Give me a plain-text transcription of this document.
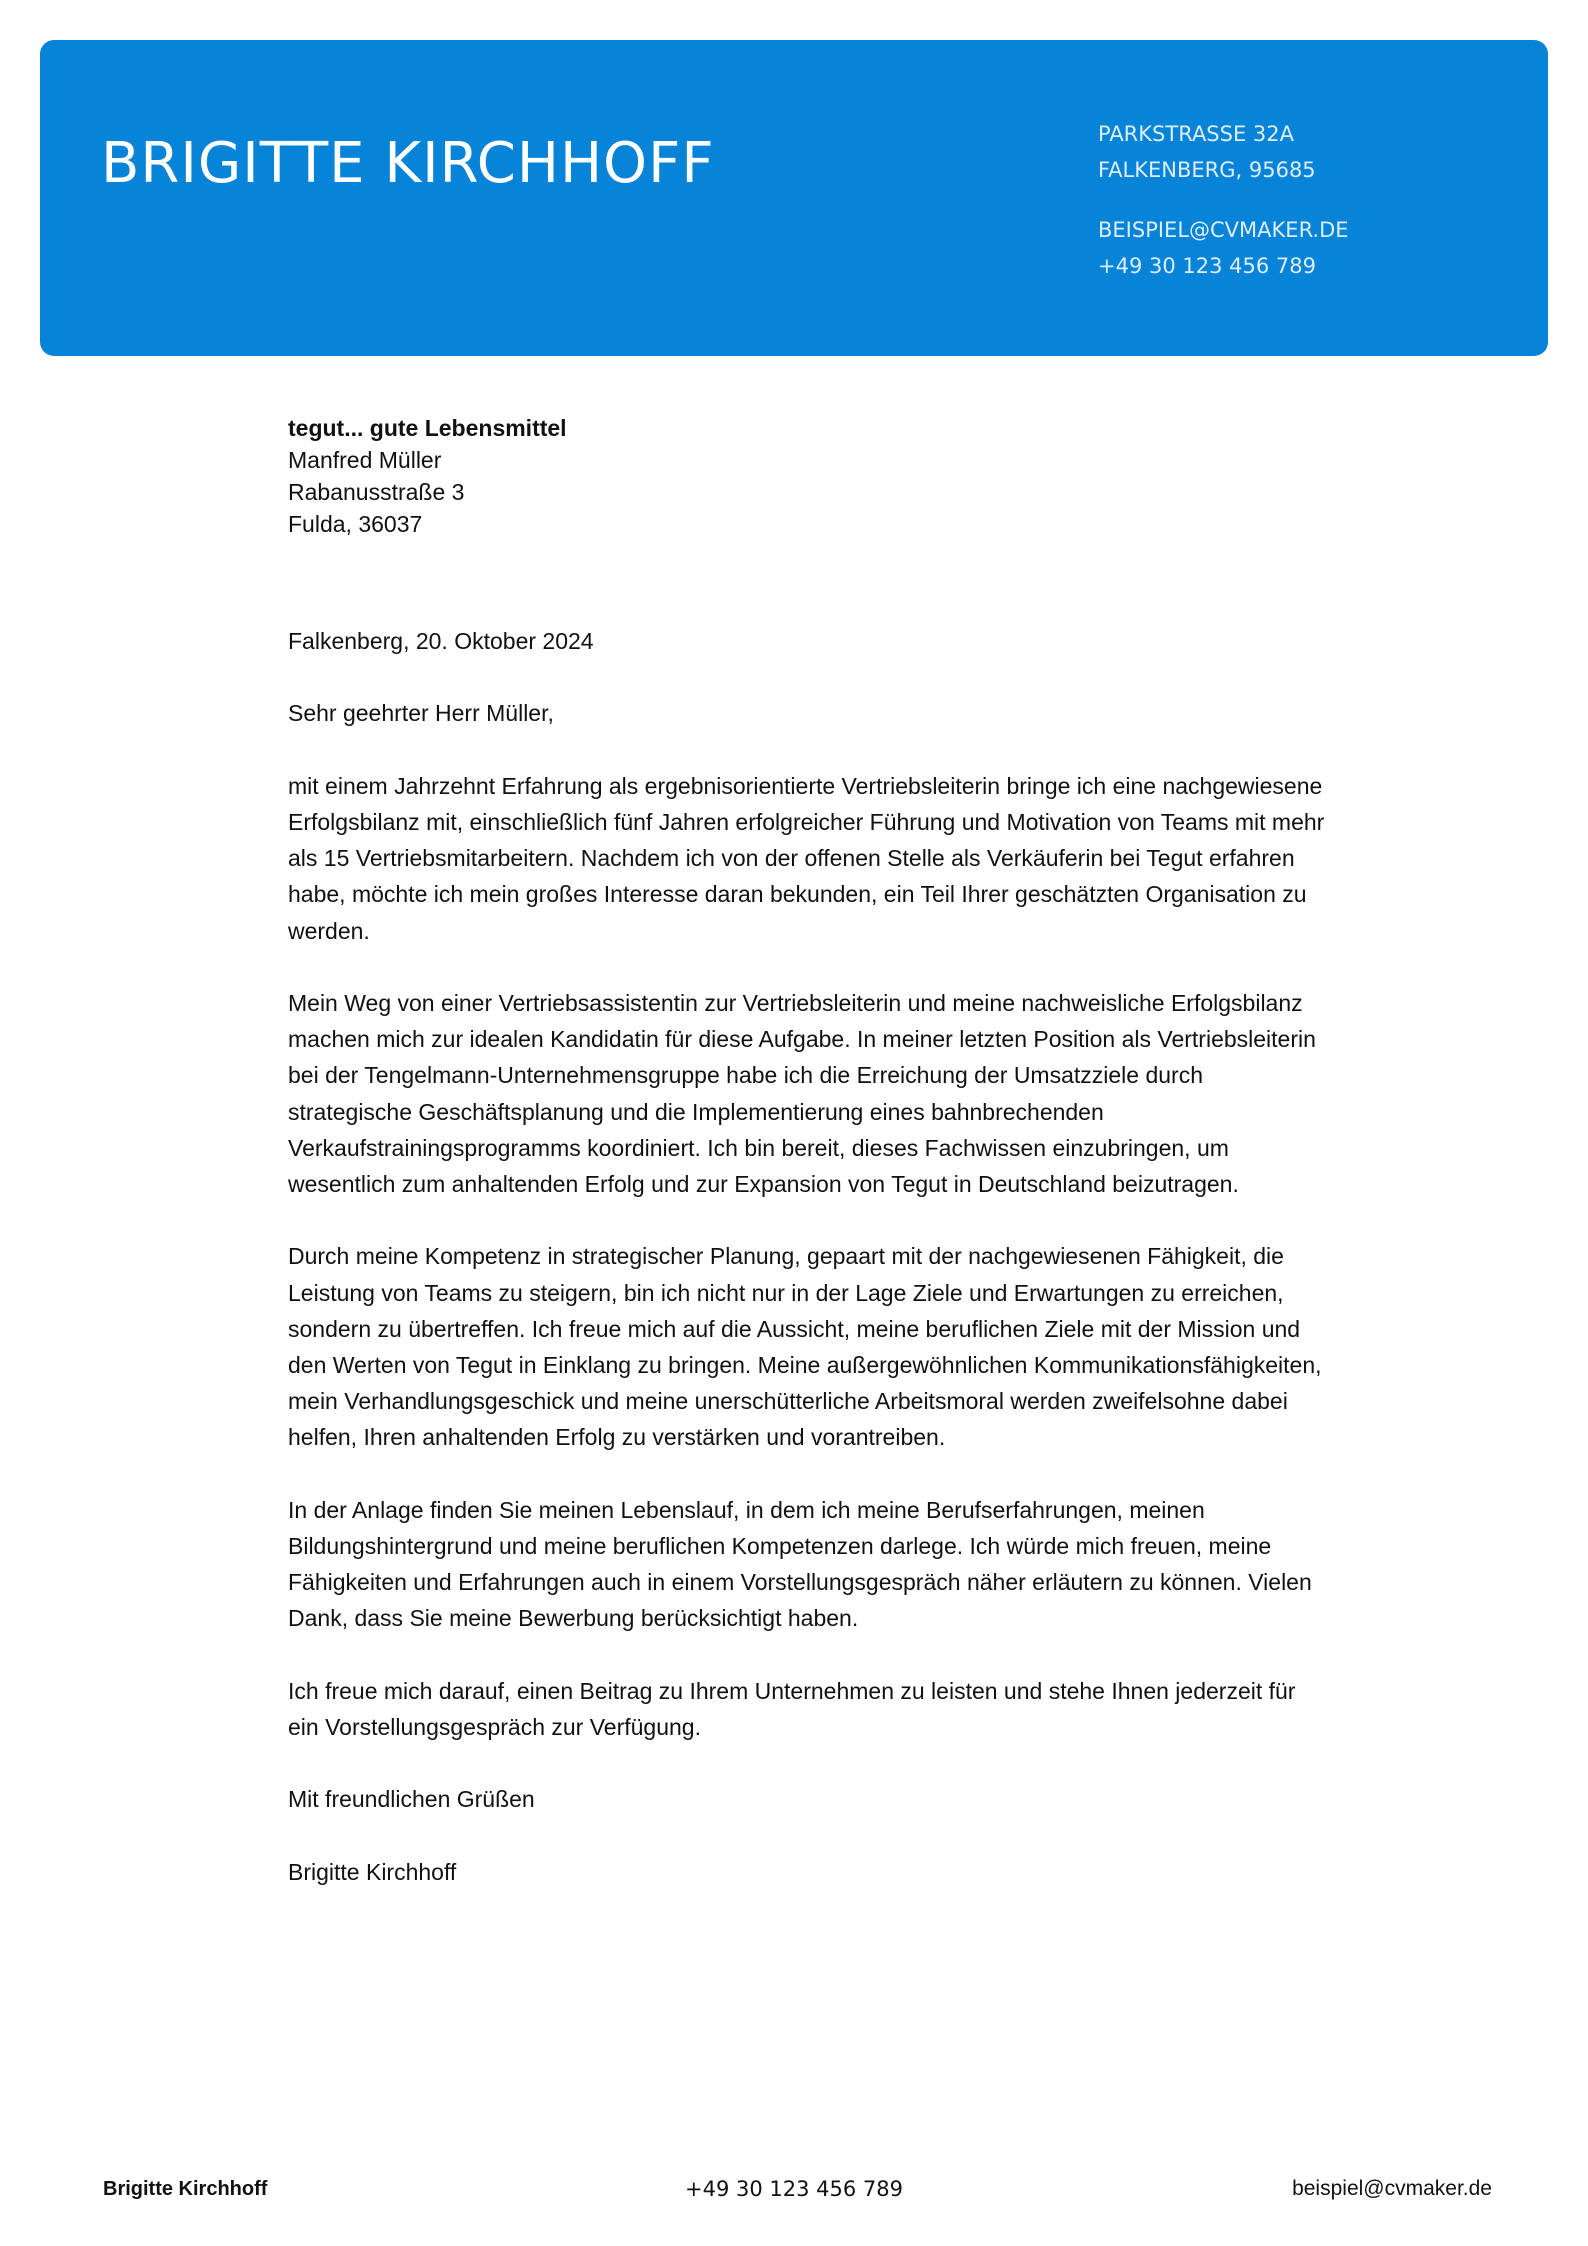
BRIGITTE KIRCHHOFF	PARKSTRASSE 32A
FALKENBERG, 95685
BEISPIEL@CVMAKER.DE
+49 30 123 456 789
tegut... gute Lebensmittel
Manfred Müller
Rabanusstraße 3
Fulda, 36037

Falkenberg, 20. Oktober 2024

Sehr geehrter Herr Müller,

mit einem Jahrzehnt Erfahrung als ergebnisorientierte Vertriebsleiterin bringe ich eine nachgewiesene Erfolgsbilanz mit, einschließlich fünf Jahren erfolgreicher Führung und Motivation von Teams mit mehr als 15 Vertriebsmitarbeitern. Nachdem ich von der offenen Stelle als Verkäuferin bei Tegut erfahren habe, möchte ich mein großes Interesse daran bekunden, ein Teil Ihrer geschätzten Organisation zu werden.

Mein Weg von einer Vertriebsassistentin zur Vertriebsleiterin und meine nachweisliche Erfolgsbilanz machen mich zur idealen Kandidatin für diese Aufgabe. In meiner letzten Position als Vertriebsleiterin bei der Tengelmann-Unternehmensgruppe habe ich die Erreichung der Umsatzziele durch strategische Geschäftsplanung und die Implementierung eines bahnbrechenden Verkaufstrainingsprogramms koordiniert. Ich bin bereit, dieses Fachwissen einzubringen, um wesentlich zum anhaltenden Erfolg und zur Expansion von Tegut in Deutschland beizutragen.

Durch meine Kompetenz in strategischer Planung, gepaart mit der nachgewiesenen Fähigkeit, die Leistung von Teams zu steigern, bin ich nicht nur in der Lage Ziele und Erwartungen zu erreichen, sondern zu übertreffen. Ich freue mich auf die Aussicht, meine beruflichen Ziele mit der Mission und den Werten von Tegut in Einklang zu bringen. Meine außergewöhnlichen Kommunikationsfähigkeiten, mein Verhandlungsgeschick und meine unerschütterliche Arbeitsmoral werden zweifelsohne dabei helfen, Ihren anhaltenden Erfolg zu verstärken und vorantreiben.

In der Anlage finden Sie meinen Lebenslauf, in dem ich meine Berufserfahrungen, meinen Bildungshintergrund und meine beruflichen Kompetenzen darlege. Ich würde mich freuen, meine Fähigkeiten und Erfahrungen auch in einem Vorstellungsgespräch näher erläutern zu können. Vielen Dank, dass Sie meine Bewerbung berücksichtigt haben.

Ich freue mich darauf, einen Beitrag zu Ihrem Unternehmen zu leisten und stehe Ihnen jederzeit für ein Vorstellungsgespräch zur Verfügung.

Mit freundlichen Grüßen

Brigitte Kirchhoff

Brigitte Kirchhoff	+49 30 123 456 789	beispiel@cvmaker.de
